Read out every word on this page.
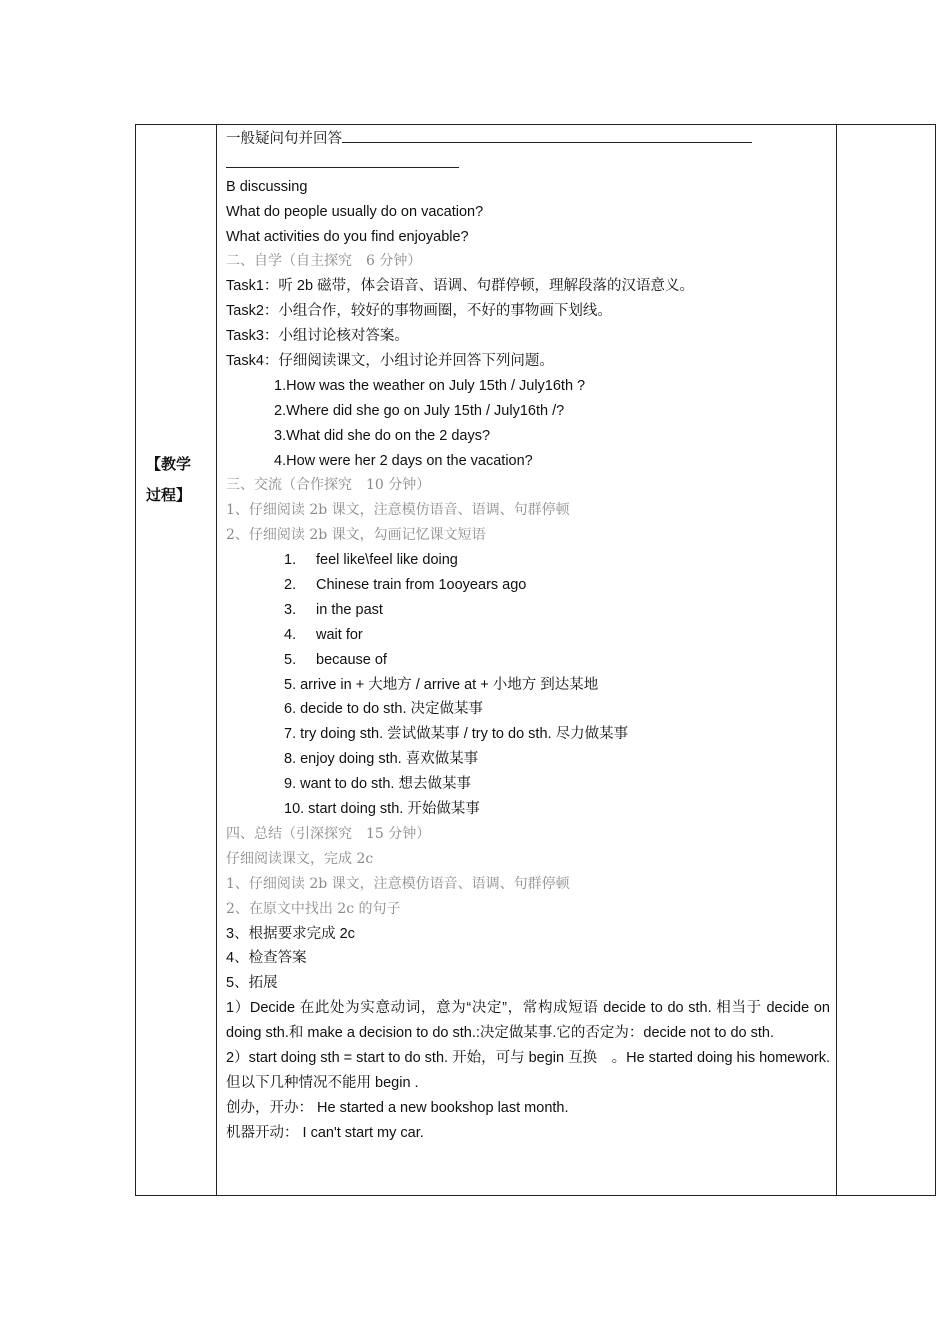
【教学
过程】

一般疑问句并回答
B discussing
What do people usually do on vacation?
What activities do you find enjoyable?
二、自学（自主探究　6 分钟）
Task1：听 2b 磁带，体会语音、语调、句群停顿，理解段落的汉语意义。
Task2：小组合作，较好的事物画圈，不好的事物画下划线。
Task3：小组讨论核对答案。
Task4：仔细阅读课文，小组讨论并回答下列问题。
1.How was the weather on July 15th / July16th ?
2.Where did she go on July 15th / July16th /?
3.What did she do on the 2 days?
4.How were her 2 days on the vacation?
三、交流（合作探究　10 分钟）
1、仔细阅读 2b 课文，注意模仿语音、语调、句群停顿
2、仔细阅读 2b 课文，勾画记忆课文短语
1. feel like\feel like doing
2. Chinese train from 1ooyears ago
3. in the past
4. wait for
5. because of
5. arrive in + 大地方 / arrive at + 小地方 到达某地
6. decide to do sth. 决定做某事
7. try doing sth. 尝试做某事 / try to do sth. 尽力做某事
8. enjoy doing sth. 喜欢做某事
9. want to do sth. 想去做某事
10. start doing sth. 开始做某事
四、总结（引深探究　15 分钟）
仔细阅读课文，完成 2c
1、仔细阅读 2b 课文，注意模仿语音、语调、句群停顿
2、在原文中找出 2c 的句子
3、根据要求完成 2c
4、检查答案
5、拓展
1）Decide 在此处为实意动词，意为“决定”，常构成短语 decide to do sth. 相当于 decide on doing sth.和 make a decision to do sth.:决定做某事.它的否定为：decide not to do sth.
2）start doing sth = start to do sth. 开始，可与 begin 互换　。He started doing his homework.
但以下几种情况不能用 begin .
创办，开办： He started a new bookshop last month.
机器开动： I can't start my car.
